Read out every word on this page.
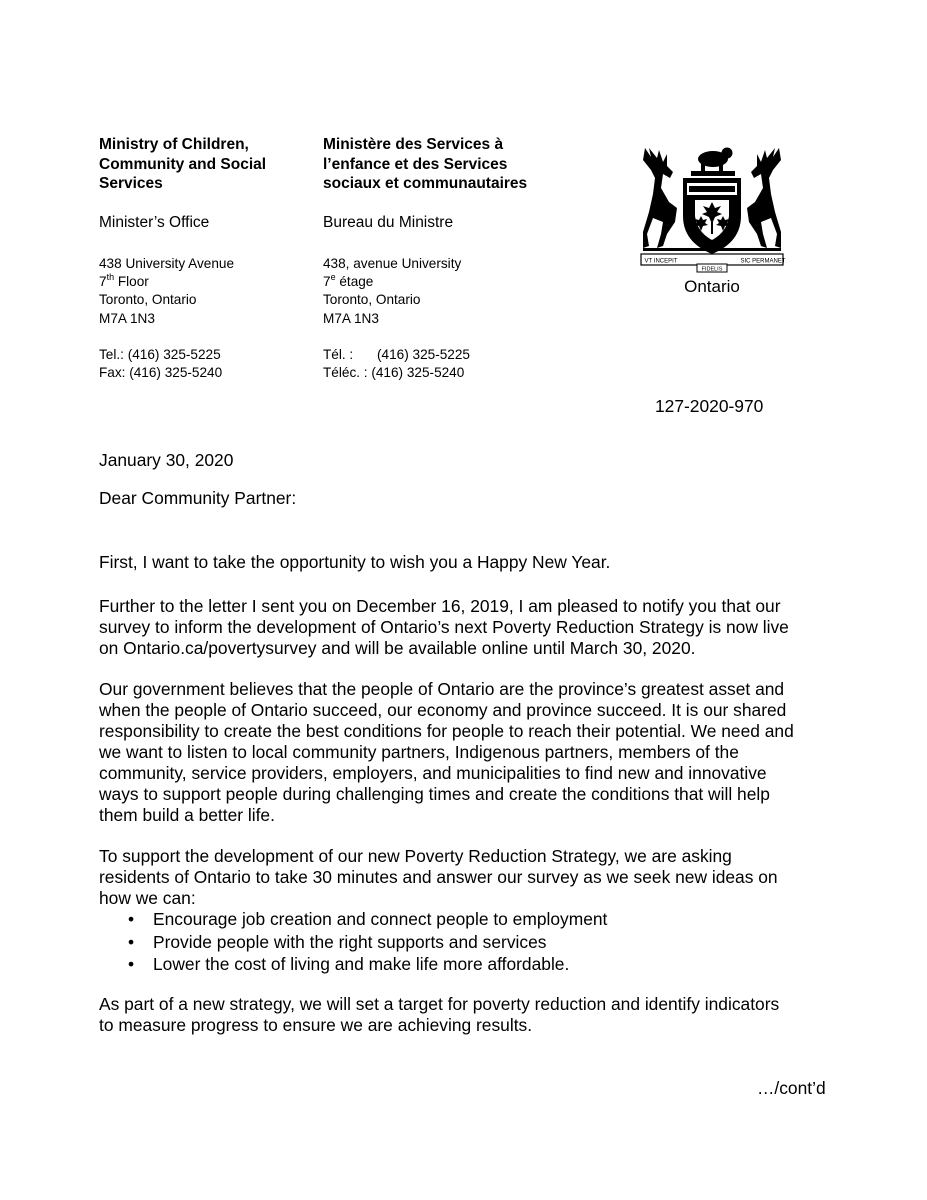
Ministry of Children,
Community and Social
Services
Minister’s Office
438 University Avenue
7th Floor
Toronto, Ontario
M7A 1N3
Tel.: (416) 325-5225
Fax: (416) 325-5240
Ministère des Services à
l’enfance et des Services
sociaux et communautaires
Bureau du Ministre
438, avenue University
7e étage
Toronto, Ontario
M7A 1N3
Tél. : (416) 325-5225
Téléc. : (416) 325-5240
VT INCEPIT	SIC PERMANET
FIDELIS
Ontario
127-2020-970
January 30, 2020
Dear Community Partner:
First, I want to take the opportunity to wish you a Happy New Year.
Further to the letter I sent you on December 16, 2019, I am pleased to notify you that our
survey to inform the development of Ontario’s next Poverty Reduction Strategy is now live
on Ontario.ca/povertysurvey and will be available online until March 30, 2020.
Our government believes that the people of Ontario are the province’s greatest asset and
when the people of Ontario succeed, our economy and province succeed. It is our shared
responsibility to create the best conditions for people to reach their potential. We need and
we want to listen to local community partners, Indigenous partners, members of the
community, service providers, employers, and municipalities to find new and innovative
ways to support people during challenging times and create the conditions that will help
them build a better life.
To support the development of our new Poverty Reduction Strategy, we are asking
residents of Ontario to take 30 minutes and answer our survey as we seek new ideas on
how we can:
• Encourage job creation and connect people to employment
• Provide people with the right supports and services
• Lower the cost of living and make life more affordable.
As part of a new strategy, we will set a target for poverty reduction and identify indicators
to measure progress to ensure we are achieving results.
…/cont’d
